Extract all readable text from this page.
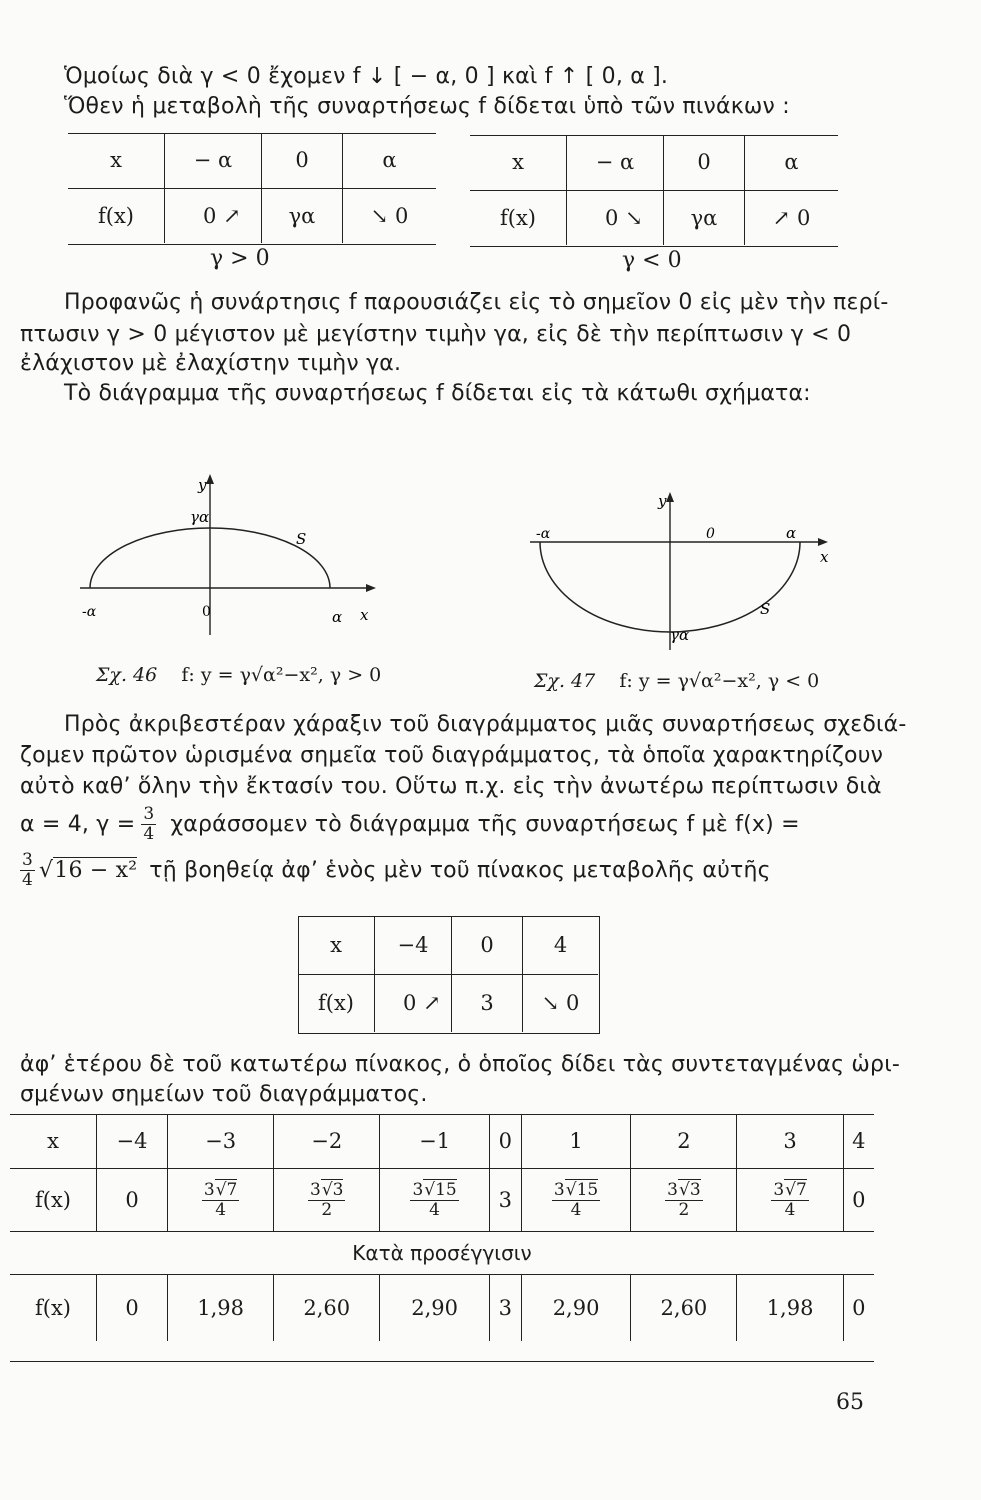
Ὁμοίως διὰ γ < 0 ἔχομεν f ↓ [ − α, 0 ] καὶ f ↑ [ 0, α ].
Ὅθεν ἡ μεταβολὴ τῆς συναρτήσεως f δίδεται ὑπὸ τῶν πινάκων :
x	− α	0	α
f(x)	0 ↗	γα	↘ 0
γ > 0
x	− α	0	α
f(x)	0 ↘	γα	↗ 0
γ < 0
Προφανῶς ἡ συνάρτησις f παρουσιάζει εἰς τὸ σημεῖον 0 εἰς μὲν τὴν περί-
πτωσιν γ > 0 μέγιστον μὲ μεγίστην τιμὴν γα, εἰς δὲ τὴν περίπτωσιν γ < 0
ἐλάχιστον μὲ ἐλαχίστην τιμὴν γα.
Τὸ διάγραμμα τῆς συναρτήσεως f δίδεται εἰς τὰ κάτωθι σχήματα:
y
γα
S
-α	0	α x
Σχ. 46 f: y = γ√α²−x², γ > 0
y
-α	0	α
x
S
γα
Σχ. 47 f: y = γ√α²−x², γ < 0
Πρὸς ἀκριβεστέραν χάραξιν τοῦ διαγράμματος μιᾶς συναρτήσεως σχεδιά-
ζομεν πρῶτον ὡρισμένα σημεῖα τοῦ διαγράμματος, τὰ ὁποῖα χαρακτηρίζουν
αὐτὸ καθ’ ὅλην τὴν ἔκτασίν του. Οὕτω π.χ. εἰς τὴν ἀνωτέρω περίπτωσιν διὰ
α = 4, $\gamma = \frac{3}{4}$ χαράσσομεν τὸ διάγραμμα τῆς συναρτήσεως f μὲ f(x) =
$\frac{3}{4} √16 - x^2$ τῇ βοηθείᾳ ἀφ’ ἑνὸς μὲν τοῦ πίνακος μεταβολῆς αὐτῆς
x	−4	0	4
f(x)	0 ↗	3	↘ 0
ἀφ’ ἑτέρου δὲ τοῦ κατωτέρω πίνακος, ὁ ὁποῖος δίδει τὰς συντεταγμένας ὡρι-
σμένων σημείων τοῦ διαγράμματος.
x	−4	−3	−2	−1	0	1	2	3	4
f(x)	0	$\frac{3√7}{4}$	$\frac{3√3}{2}$	$\frac{3√15}{4}$	3	$\frac{3√15}{4}$	$\frac{3√3}{2}$	$\frac{3√7}{4}$	0
Κατὰ προσέγγισιν									
f(x)	0	1,98	2,60	2,90	3	2,90	2,60	1,98	0
65
